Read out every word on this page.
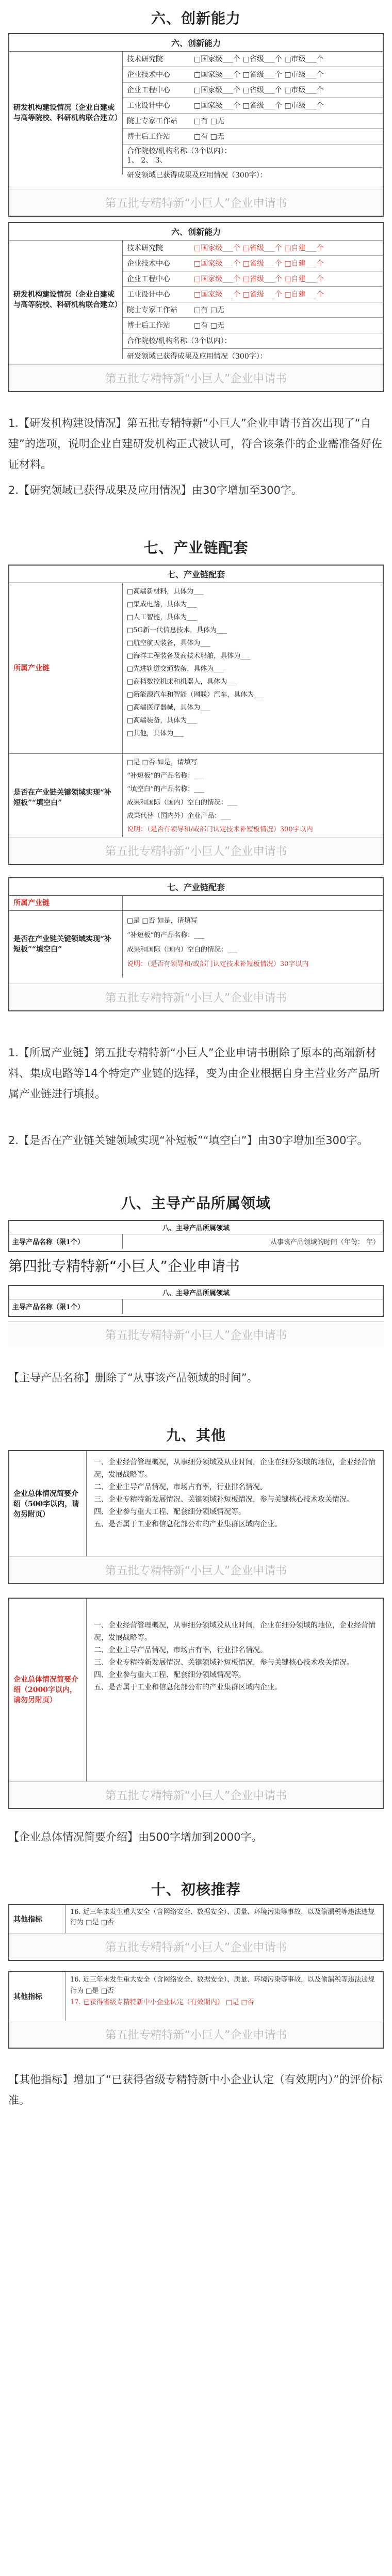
六、创新能力
六、创新能力
研发机构建设情况（企业自建或与高等院校、科研机构联合建立）
技术研究院	□国家级___个 □省级___个 □市级___个
企业技术中心	□国家级___个 □省级___个 □市级___个
企业工程中心	□国家级___个 □省级___个 □市级___个
工业设计中心	□国家级___个 □省级___个 □市级___个
院士专家工作站 □有 □无
博士后工作站	□有 □无
合作院校/机构名称（3个以内）：
1、 2、 3、
研发领域已获得成果及应用情况（300字）：
第五批专精特新“小巨人”企业申请书
六、创新能力
研发机构建设情况（企业自建或与高等院校、科研机构联合建立）
技术研究院	□国家级___个 □省级___个 □自建___个
企业技术中心	□国家级___个 □省级___个 □自建___个
企业工程中心	□国家级___个 □省级___个 □自建___个
工业设计中心	□国家级___个 □省级___个 □自建___个
院士专家工作站 □有 □无
博士后工作站	□有 □无
合作院校/机构名称（3个以内）：
研发领域已获得成果及应用情况（300字）：
第五批专精特新“小巨人”企业申请书
1.【研发机构建设情况】第五批专精特新“小巨人”企业申请书首次出现了“自建”的选项，说明企业自建研发机构正式被认可，符合该条件的企业需准备好佐证材料。
2.【研究领域已获得成果及应用情况】由30字增加至300字。
七、产业链配套
七、产业链配套
所属产业链
□高端新材料，具体为___
□集成电路，具体为___
□人工智能，具体为___
□5G新一代信息技术，具体为___
□航空航天装备，具体为___
□海洋工程装备及高技术船舶，具体为___
□先进轨道交通装备，具体为___
□高档数控机床和机器人，具体为___
□新能源汽车和智能（网联）汽车，具体为___
□高端医疗器械，具体为___
□高端装备，具体为___
□其他，具体为___
是否在产业链关键领域实现“补短板”“填空白”
□是 □否 如是，请填写
“补短板”的产品名称：___
“填空白”的产品名称：___
成果和国际（国内）空白的情况：___
成果代替（国内外）企业产品：___
说明：（是否有领导和/或部门认定技术补短板情况）300字以内
第五批专精特新“小巨人”企业申请书
七、产业链配套
所属产业链
是否在产业链关键领域实现“补短板”“填空白”
□是 □否 如是，请填写
“补短板”的产品名称：___
成果和国际（国内）空白的情况：___
说明：（是否有领导和/或部门认定技术补短板情况）30字以内
第五批专精特新“小巨人”企业申请书
1.【所属产业链】第五批专精特新“小巨人”企业申请书删除了原本的高端新材料、集成电路等14个特定产业链的选择，变为由企业根据自身主营业务产品所属产业链进行填报。
2.【是否在产业链关键领域实现“补短板”“填空白”】由30字增加至300字。
八、主导产品所属领域
八、主导产品所属领域
主导产品名称（限1个）	从事该产品领域的时间（年份： 年）
第四批专精特新“小巨人”企业申请书
八、主导产品所属领域
主导产品名称（限1个）
第五批专精特新“小巨人”企业申请书
【主导产品名称】删除了“从事该产品领域的时间”。
九、其他
企业总体情况简要介绍（500字以内，请勿另附页）
一、企业经营管理概况，从事细分领域及从业时间，企业在细分领域的地位，企业经营情况，发展战略等。
二、企业主导产品情况，市场占有率，行业排名情况。
三、企业专精特新发展情况、关键领域补短板情况，参与关键核心技术攻关情况。
四、企业参与重大工程、配套细分领域情况等。
五、是否属于工业和信息化部公布的产业集群区域内企业。
第五批专精特新“小巨人”企业申请书
企业总体情况简要介绍（2000字以内，请勿另附页）
一、企业经营管理概况，从事细分领域及从业时间，企业在细分领域的地位，企业经营情况，发展战略等。
二、企业主导产品情况，市场占有率，行业排名情况。
三、企业专精特新发展情况、关键领域补短板情况，参与关键核心技术攻关情况。
四、企业参与重大工程、配套细分领域情况等。
五、是否属于工业和信息化部公布的产业集群区域内企业。
第五批专精特新“小巨人”企业申请书
【企业总体情况简要介绍】由500字增加到2000字。
十、初核推荐
其他指标
16. 近三年未发生重大安全（含网络安全、数据安全）、质量、环境污染等事故，以及偷漏税等违法违规行为 □是 □否
第五批专精特新“小巨人”企业申请书
其他指标
16. 近三年未发生重大安全（含网络安全、数据安全）、质量、环境污染等事故，以及偷漏税等违法违规行为 □是 □否
17. 已获得省级专精特新中小企业认定（有效期内） □是 □否
第五批专精特新“小巨人”企业申请书
【其他指标】增加了“已获得省级专精特新中小企业认定（有效期内）”的评价标准。
